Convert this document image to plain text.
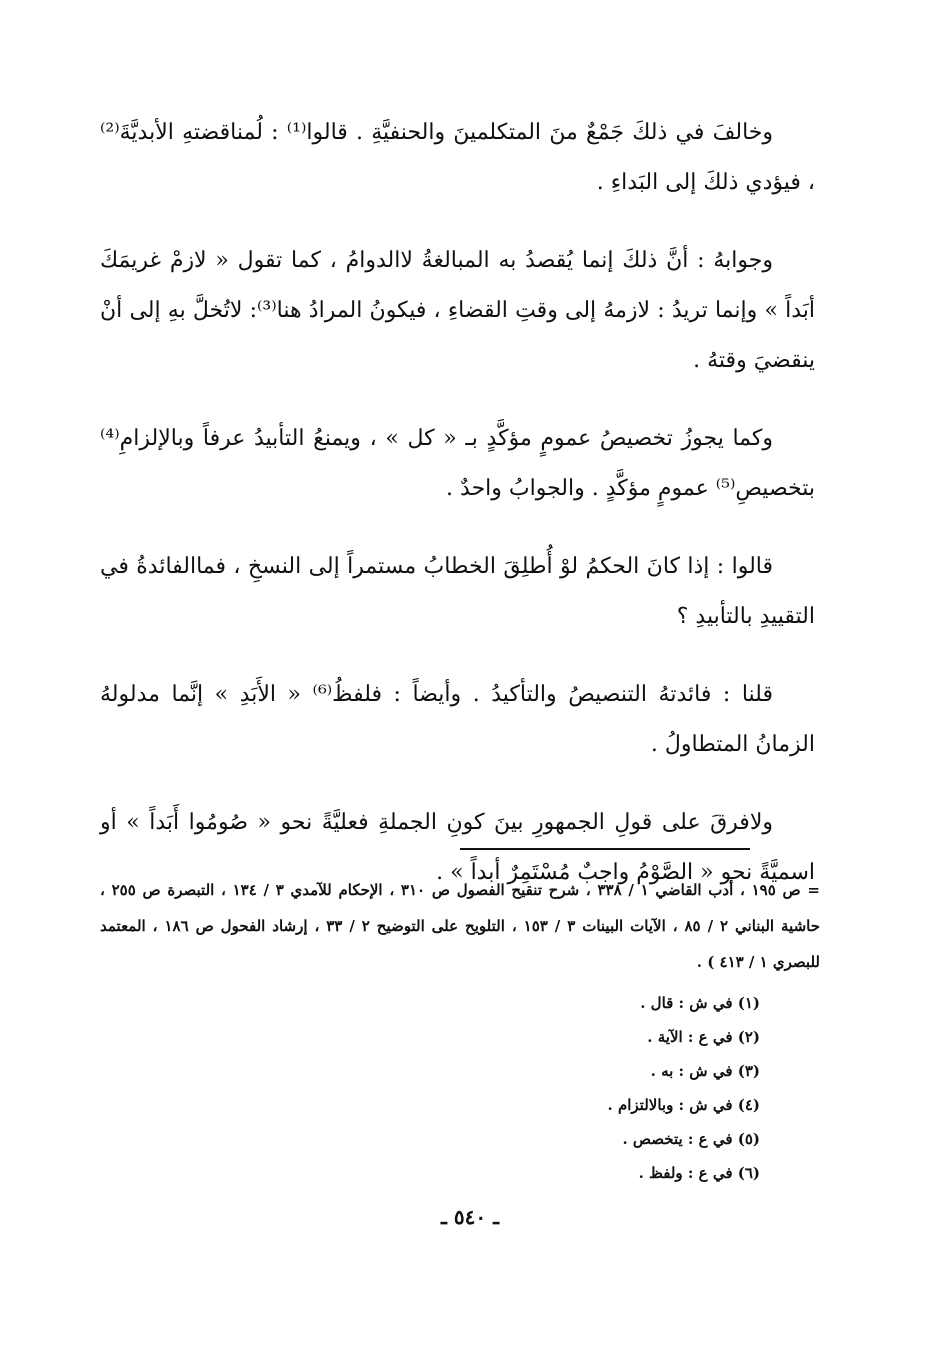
وخالفَ في ذلكَ جَمْعٌ منَ المتكلمينَ والحنفيَّةِ . قالوا⁽¹⁾ : لُمناقضتهِ الأبديَّةَ⁽²⁾ ، فيؤدي ذلكَ إلى البَداءِ .

وجوابهُ : أنَّ ذلكَ إنما يُقصدُ به المبالغةُ لاالدوامُ ، كما تقول « لازمْ غريمَكَ أبَداً » وإنما تريدُ : لازمهُ إلى وقتِ القضاءِ ، فيكونُ المرادُ هنا⁽³⁾: لاتُخلَّ بهِ إلى أنْ ينقضيَ وقتهُ .

وكما يجوزُ تخصيصُ عمومٍ مؤكَّدٍ بـ « كل » ، ويمنعُ التأبيدُ عرفاً وبالإلزامِ⁽⁴⁾ بتخصيصِ⁽⁵⁾ عمومٍ مؤكَّدٍ . والجوابُ واحدٌ .

قالوا : إذا كانَ الحكمُ لوْ أُطلِقَ الخطابُ مستمراً إلى النسخِ ، فماالفائدةُ في التقييدِ بالتأبيدِ ؟

قلنا : فائدتهُ التنصيصُ والتأكيدُ . وأيضاً : فلفظُ⁽⁶⁾ « الأَبَدِ » إنَّما مدلولهُ الزمانُ المتطاولُ .

ولافرقَ على قولِ الجمهورِ بينَ كونِ الجملةِ فعليَّةً نحو « صُومُوا أَبَداً » أو اسميَّةً نحو « الصَّوْمُ واجبٌ مُسْتَمِرٌ أبداً » .

= ص ١٩٥ ، أدب القاضي ١ / ٣٣٨ ، شرح تنقيح الفصول ص ٣١٠ ، الإحكام للآمدي ٣ / ١٣٤ ، التبصرة ص ٢٥٥ ، حاشية البناني ٢ / ٨٥ ، الآيات البينات ٣ / ١٥٣ ، التلويح على التوضيح ٢ / ٣٣ ، إرشاد الفحول ص ١٨٦ ، المعتمد للبصري ١ / ٤١٣ ) .

(١) في ش : قال .
(٢) في ع : الآية .
(٣) في ش : به .
(٤) في ش : وبالالتزام .
(٥) في ع : يتخصص .
(٦) في ع : ولفظ .
ـ ٥٤٠ ـ
